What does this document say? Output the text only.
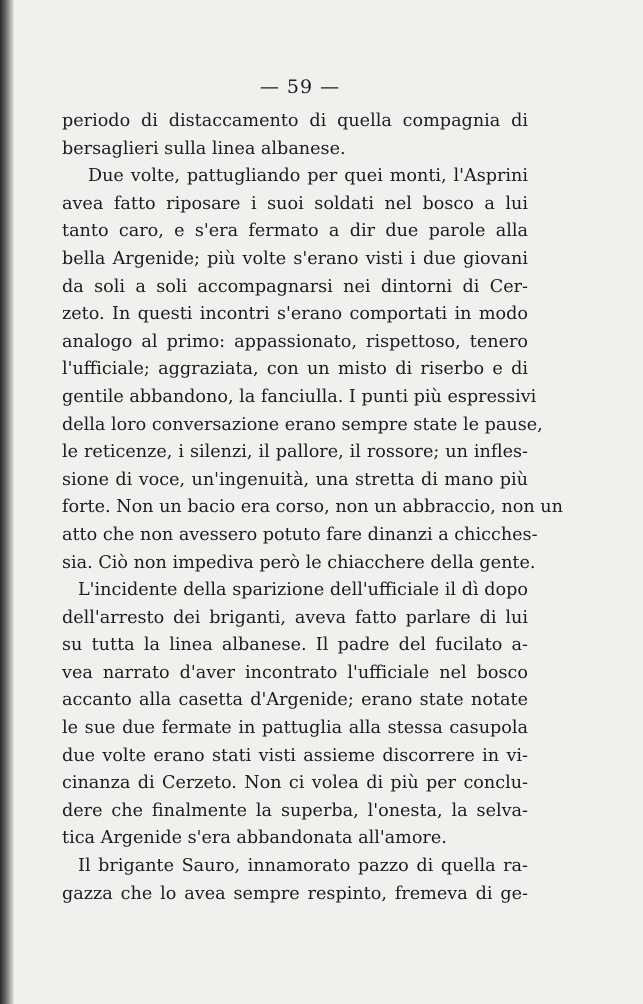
— 59 —
periodo di distaccamento di quella compagnia di
bersaglieri sulla linea albanese.
Due volte, pattugliando per quei monti, l'Asprini
avea fatto riposare i suoi soldati nel bosco a lui
tanto caro, e s'era fermato a dir due parole alla
bella Argenide; più volte s'erano visti i due giovani
da soli a soli accompagnarsi nei dintorni di Cer-
zeto. In questi incontri s'erano comportati in modo
analogo al primo: appassionato, rispettoso, tenero
l'ufficiale; aggraziata, con un misto di riserbo e di
gentile abbandono, la fanciulla. I punti più espressivi
della loro conversazione erano sempre state le pause,
le reticenze, i silenzi, il pallore, il rossore; un infles-
sione di voce, un'ingenuità, una stretta di mano più
forte. Non un bacio era corso, non un abbraccio, non un
atto che non avessero potuto fare dinanzi a chicches-
sia. Ciò non impediva però le chiacchere della gente.
L'incidente della sparizione dell'ufficiale il dì dopo
dell'arresto dei briganti, aveva fatto parlare di lui
su tutta la linea albanese. Il padre del fucilato a-
vea narrato d'aver incontrato l'ufficiale nel bosco
accanto alla casetta d'Argenide; erano state notate
le sue due fermate in pattuglia alla stessa casupola
due volte erano stati visti assieme discorrere in vi-
cinanza di Cerzeto. Non ci volea di più per conclu-
dere che finalmente la superba, l'onesta, la selva-
tica Argenide s'era abbandonata all'amore.
Il brigante Sauro, innamorato pazzo di quella ra-
gazza che lo avea sempre respinto, fremeva di ge-
